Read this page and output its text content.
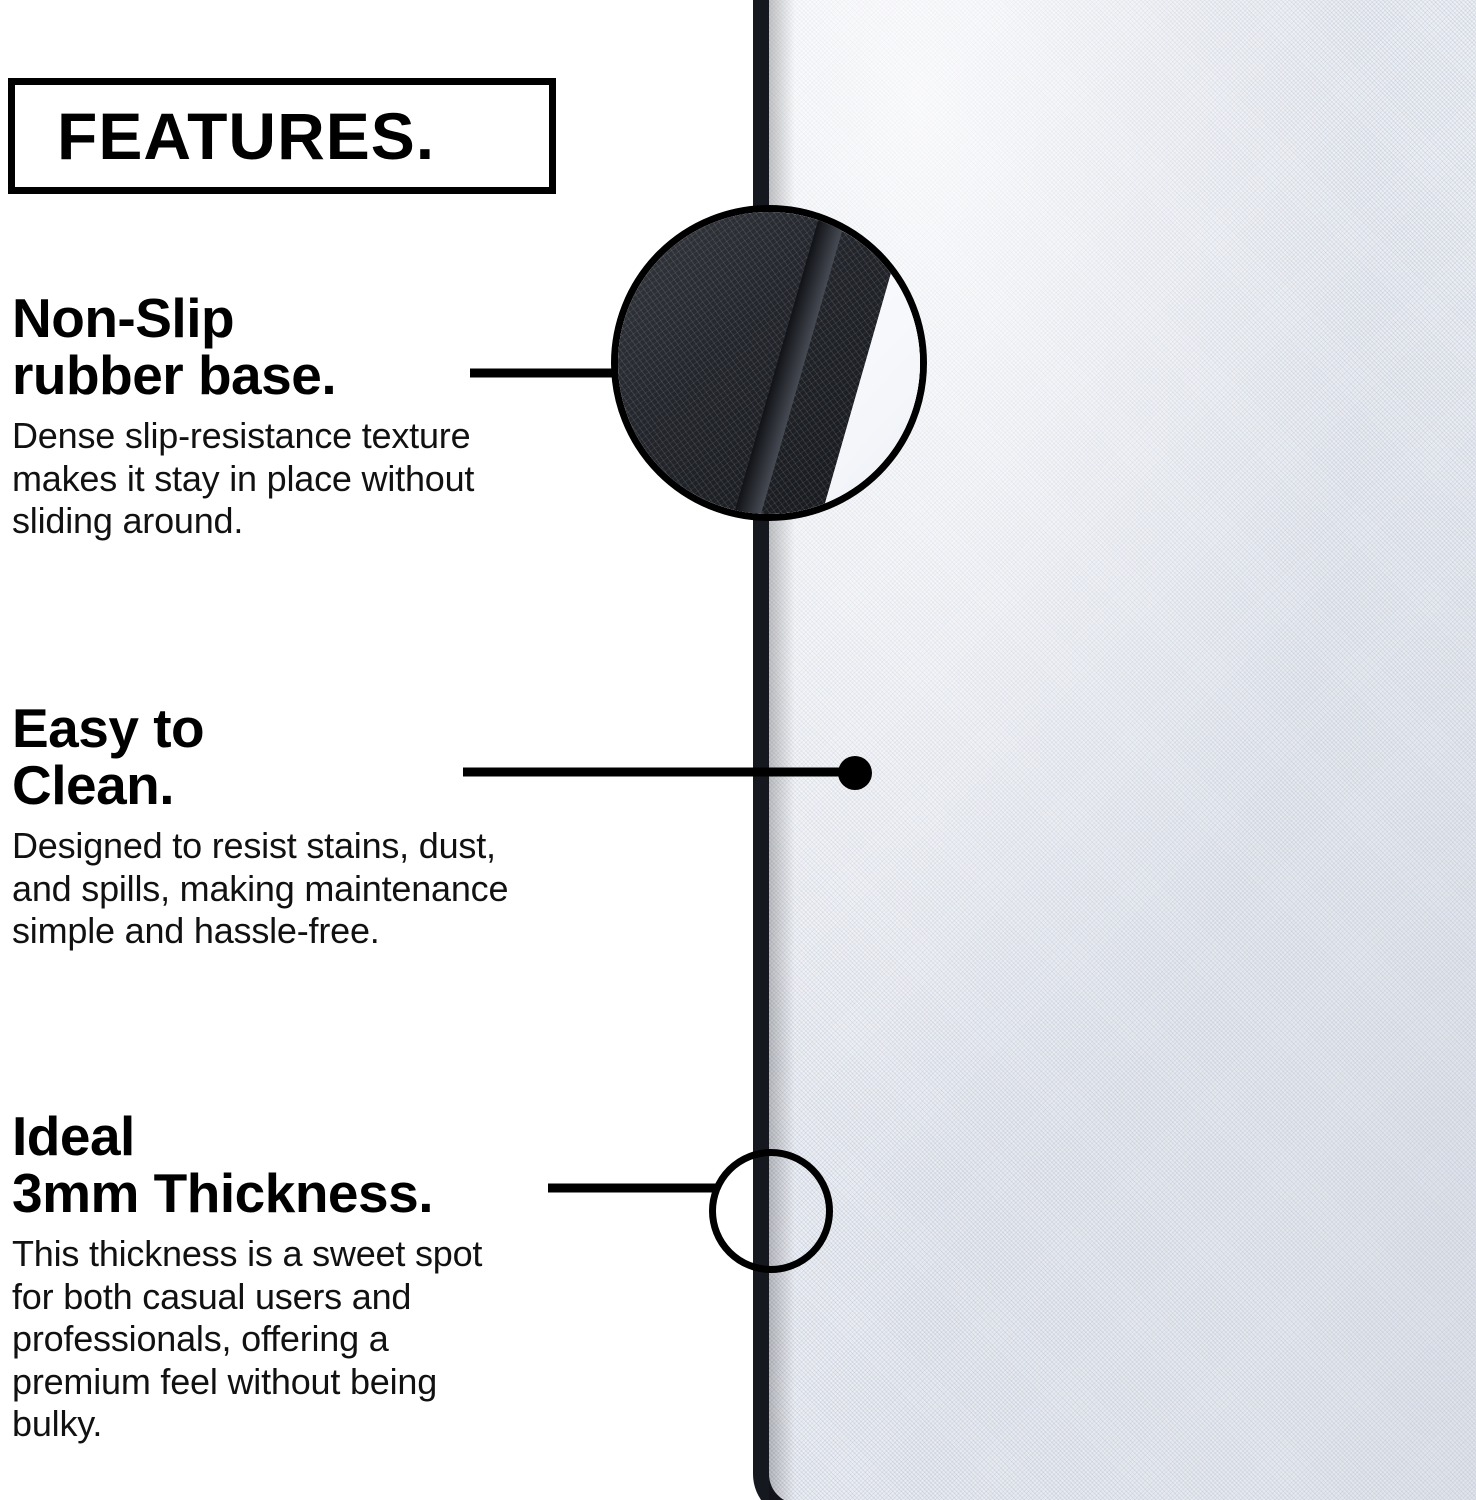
FEATURES.
Non-Slip
rubber base.
Dense slip-resistance texture makes it stay in place without sliding around.
Easy to
Clean.
Designed to resist stains, dust, and spills, making maintenance simple and hassle-free.
Ideal
3mm Thickness.
This thickness is a sweet spot for both casual users and professionals, offering a premium feel without being bulky.
